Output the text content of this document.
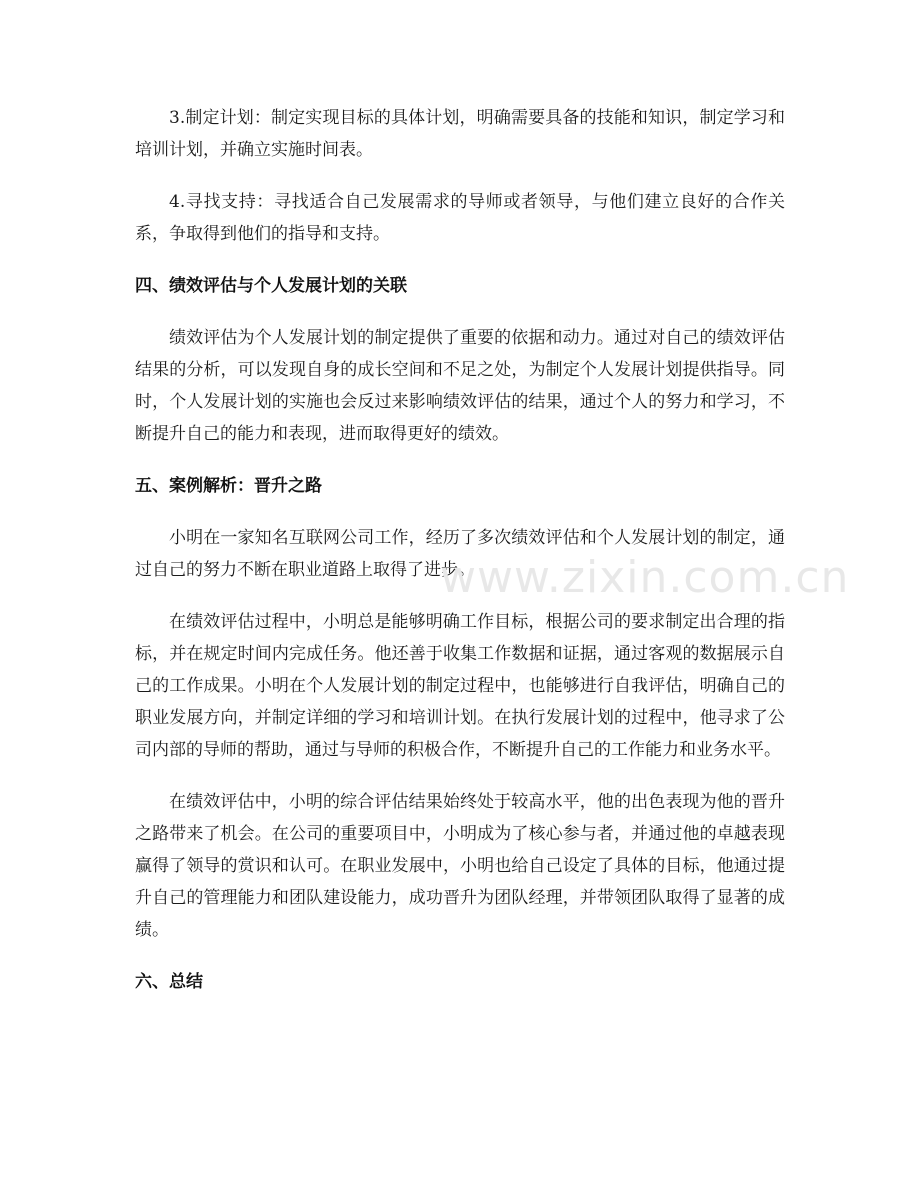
3.制定计划：制定实现目标的具体计划，明确需要具备的技能和知识，制定学习和培训计划，并确立实施时间表。

4.寻找支持：寻找适合自己发展需求的导师或者领导，与他们建立良好的合作关系，争取得到他们的指导和支持。

四、绩效评估与个人发展计划的关联

绩效评估为个人发展计划的制定提供了重要的依据和动力。通过对自己的绩效评估结果的分析，可以发现自身的成长空间和不足之处，为制定个人发展计划提供指导。同时，个人发展计划的实施也会反过来影响绩效评估的结果，通过个人的努力和学习，不断提升自己的能力和表现，进而取得更好的绩效。

五、案例解析：晋升之路

小明在一家知名互联网公司工作，经历了多次绩效评估和个人发展计划的制定，通过自己的努力不断在职业道路上取得了进步。

在绩效评估过程中，小明总是能够明确工作目标，根据公司的要求制定出合理的指标，并在规定时间内完成任务。他还善于收集工作数据和证据，通过客观的数据展示自己的工作成果。小明在个人发展计划的制定过程中，也能够进行自我评估，明确自己的职业发展方向，并制定详细的学习和培训计划。在执行发展计划的过程中，他寻求了公司内部的导师的帮助，通过与导师的积极合作，不断提升自己的工作能力和业务水平。

在绩效评估中，小明的综合评估结果始终处于较高水平，他的出色表现为他的晋升之路带来了机会。在公司的重要项目中，小明成为了核心参与者，并通过他的卓越表现赢得了领导的赏识和认可。在职业发展中，小明也给自己设定了具体的目标，他通过提升自己的管理能力和团队建设能力，成功晋升为团队经理，并带领团队取得了显著的成绩。

六、总结
www.zixin.com.cn
